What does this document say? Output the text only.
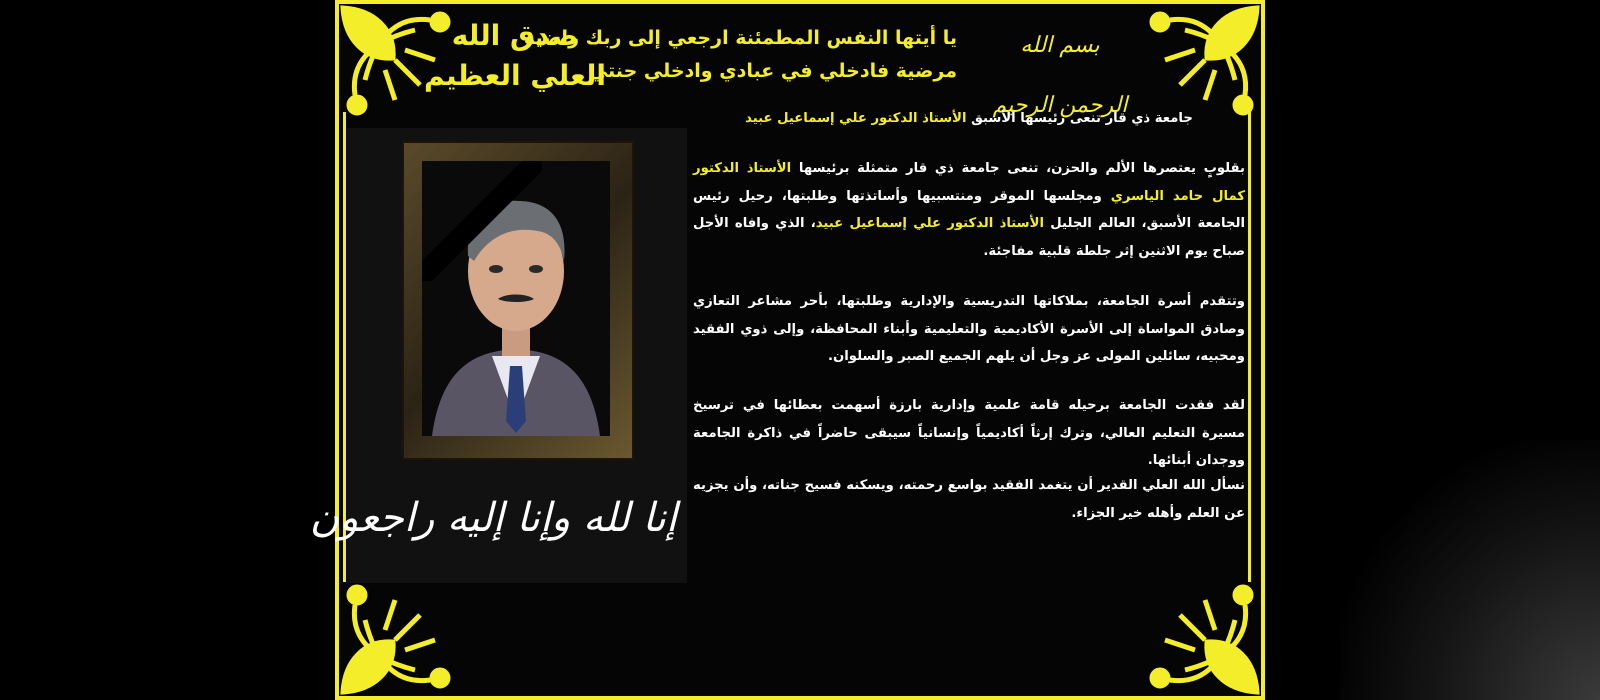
بسم الله الرحمن الرحيم
يا أيتها النفس المطمئنة ارجعي إلى ربك راضية
مرضية فادخلي في عبادي وادخلي جنتي
صدق الله
العلي العظيم
إنا لله وإنا إليه راجعون
جامعة ذي قار تنعى رئيسها الأسبق الأستاذ الدكتور علي إسماعيل عبيد
بقلوبٍ يعتصرها الألم والحزن، تنعى جامعة ذي قار متمثلة برئيسها الأستاذ الدكتور كمال حامد الياسري ومجلسها الموقر ومنتسبيها وأساتذتها وطلبتها، رحيل رئيس الجامعة الأسبق، العالم الجليل الأستاذ الدكتور علي إسماعيل عبيد، الذي وافاه الأجل صباح يوم الاثنين إثر جلطة قلبية مفاجئة.
وتتقدم أسرة الجامعة، بملاكاتها التدريسية والإدارية وطلبتها، بأحر مشاعر التعازي وصادق المواساة إلى الأسرة الأكاديمية والتعليمية وأبناء المحافظة، وإلى ذوي الفقيد ومحبيه، سائلين المولى عز وجل أن يلهم الجميع الصبر والسلوان.
لقد فقدت الجامعة برحيله قامة علمية وإدارية بارزة أسهمت بعطائها في ترسيخ مسيرة التعليم العالي، وترك إرثاً أكاديمياً وإنسانياً سيبقى حاضراً في ذاكرة الجامعة ووجدان أبنائها.
نسأل الله العلي القدير أن يتغمد الفقيد بواسع رحمته، ويسكنه فسيح جناته، وأن يجزيه عن العلم وأهله خير الجزاء.
